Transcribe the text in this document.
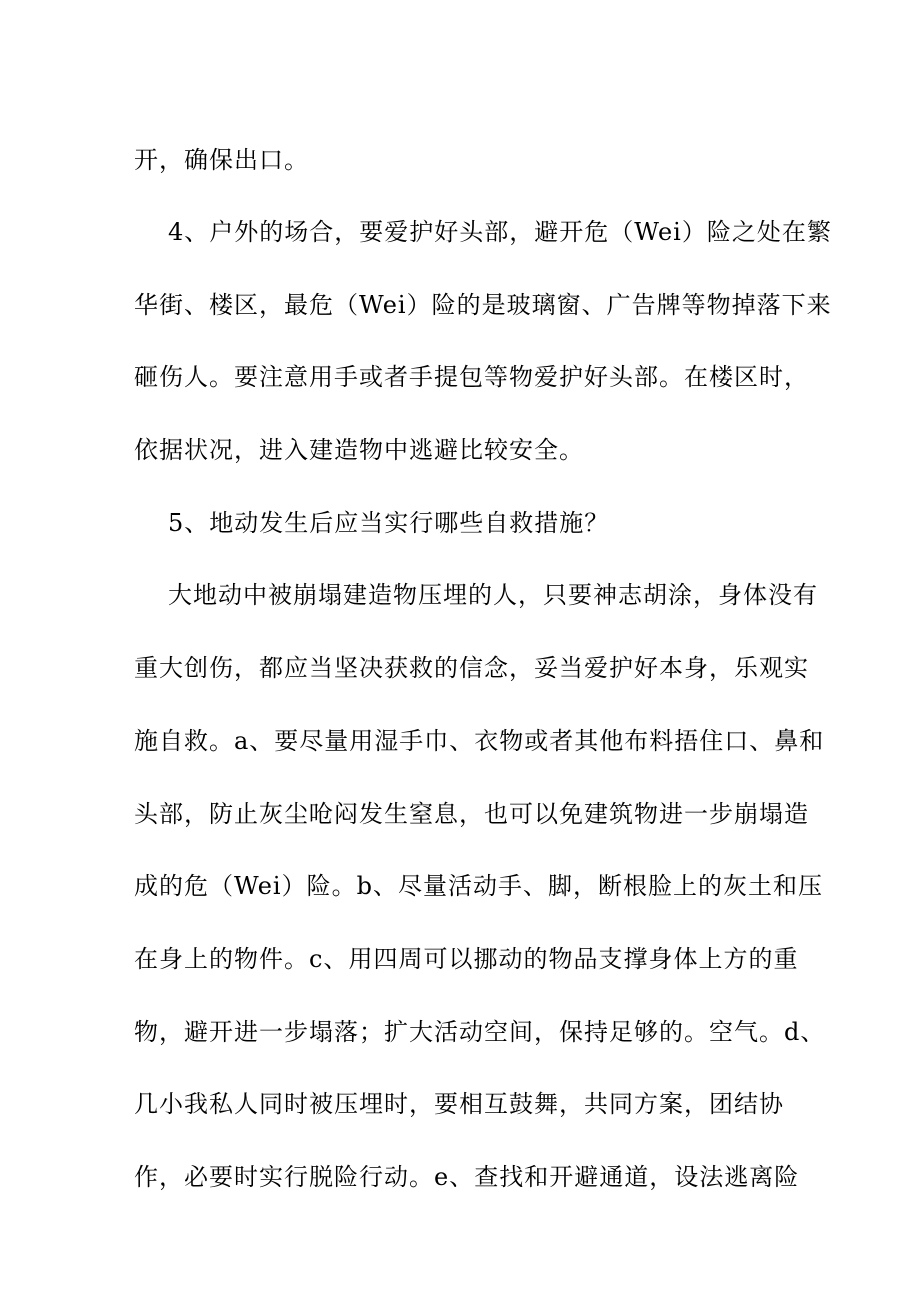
开，确保出口。
4、户外的场合，要爱护好头部，避开危（Wei）险之处在繁
华街、楼区，最危（Wei）险的是玻璃窗、广告牌等物掉落下来
砸伤人。要注意用手或者手提包等物爱护好头部。在楼区时，
依据状况，进入建造物中逃避比较安全。
5、地动发生后应当实行哪些自救措施？
大地动中被崩塌建造物压埋的人，只要神志胡涂，身体没有
重大创伤，都应当坚决获救的信念，妥当爱护好本身，乐观实
施自救。a、要尽量用湿手巾、衣物或者其他布料捂住口、鼻和
头部，防止灰尘呛闷发生窒息，也可以免建筑物进一步崩塌造
成的危（Wei）险。b、尽量活动手、脚，断根脸上的灰土和压
在身上的物件。c、用四周可以挪动的物品支撑身体上方的重
物，避开进一步塌落；扩大活动空间，保持足够的。空气。d、
几小我私人同时被压埋时，要相互鼓舞，共同方案，团结协
作，必要时实行脱险行动。e、查找和开避通道，设法逃离险
